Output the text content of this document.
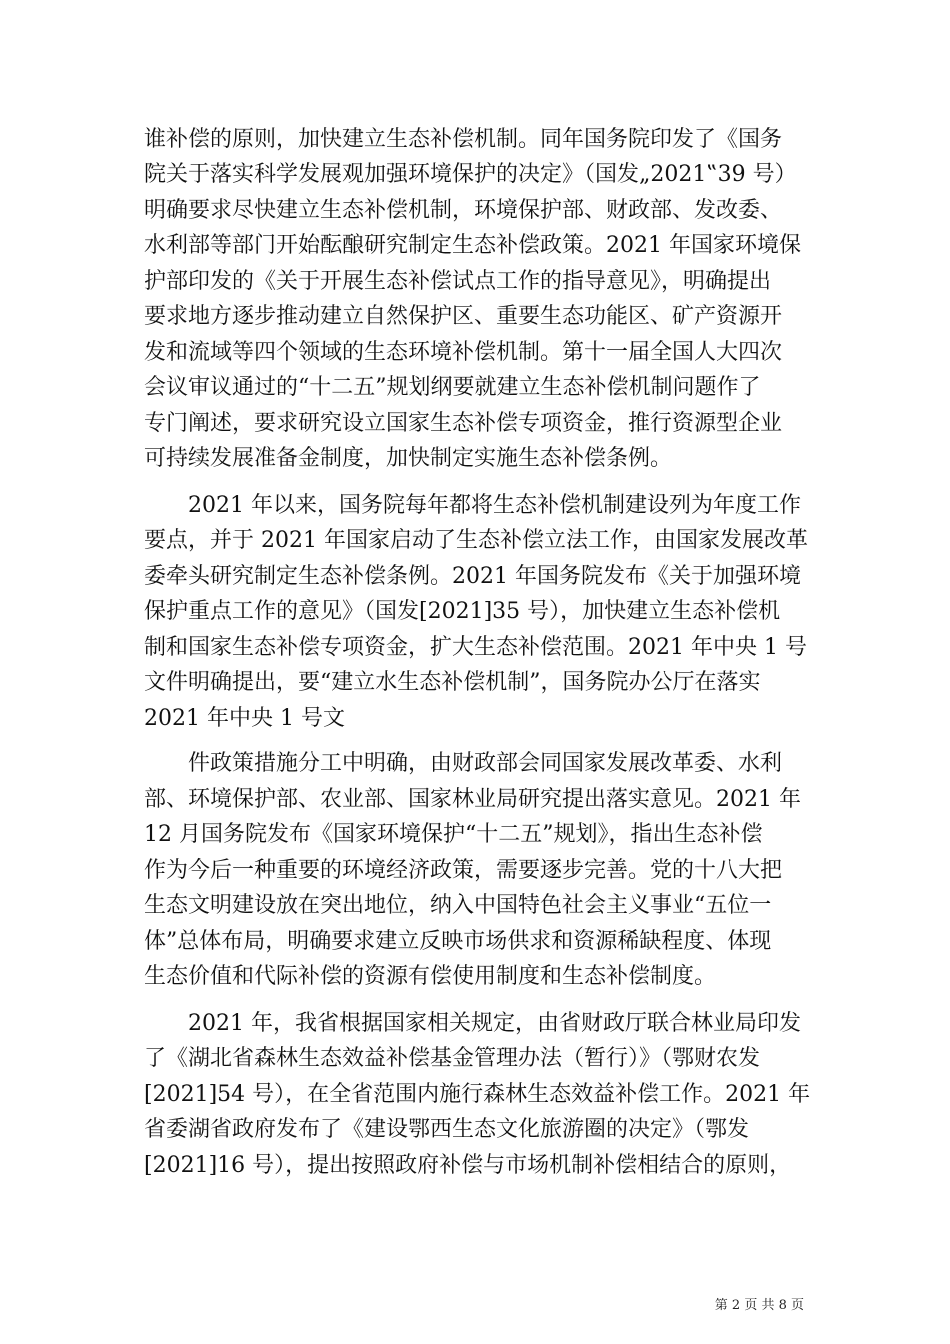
谁补偿的原则，加快建立生态补偿机制。同年国务院印发了《国务
院关于落实科学发展观加强环境保护的决定》（国发„2021‟39 号）
明确要求尽快建立生态补偿机制，环境保护部、财政部、发改委、
水利部等部门开始酝酿研究制定生态补偿政策。2021 年国家环境保
护部印发的《关于开展生态补偿试点工作的指导意见》，明确提出
要求地方逐步推动建立自然保护区、重要生态功能区、矿产资源开
发和流域等四个领域的生态环境补偿机制。第十一届全国人大四次
会议审议通过的“十二五”规划纲要就建立生态补偿机制问题作了
专门阐述，要求研究设立国家生态补偿专项资金，推行资源型企业
可持续发展准备金制度，加快制定实施生态补偿条例。
2021 年以来，国务院每年都将生态补偿机制建设列为年度工作
要点，并于 2021 年国家启动了生态补偿立法工作，由国家发展改革
委牵头研究制定生态补偿条例。2021 年国务院发布《关于加强环境
保护重点工作的意见》（国发[2021]35 号），加快建立生态补偿机
制和国家生态补偿专项资金，扩大生态补偿范围。2021 年中央 1 号
文件明确提出，要“建立水生态补偿机制”，国务院办公厅在落实
2021 年中央 1 号文
件政策措施分工中明确，由财政部会同国家发展改革委、水利
部、环境保护部、农业部、国家林业局研究提出落实意见。2021 年
12 月国务院发布《国家环境保护“十二五”规划》，指出生态补偿
作为今后一种重要的环境经济政策，需要逐步完善。党的十八大把
生态文明建设放在突出地位，纳入中国特色社会主义事业“五位一
体”总体布局，明确要求建立反映市场供求和资源稀缺程度、体现
生态价值和代际补偿的资源有偿使用制度和生态补偿制度。
2021 年，我省根据国家相关规定，由省财政厅联合林业局印发
了《湖北省森林生态效益补偿基金管理办法（暂行）》（鄂财农发
[2021]54 号），在全省范围内施行森林生态效益补偿工作。2021 年
省委湖省政府发布了《建设鄂西生态文化旅游圈的决定》（鄂发
[2021]16 号），提出按照政府补偿与市场机制补偿相结合的原则，
第 2 页 共 8 页
